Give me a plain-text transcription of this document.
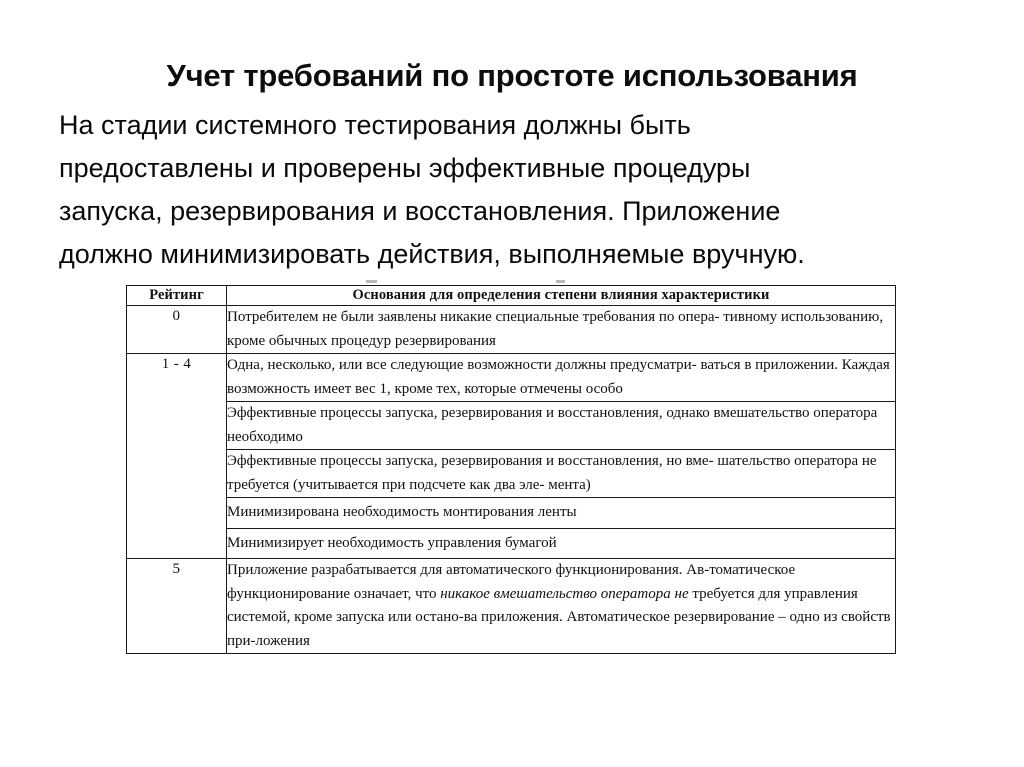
Учет требований по простоте использования
На стадии системного тестирования должны быть
предоставлены и проверены эффективные процедуры
запуска, резервирования и восстановления. Приложение
должно минимизировать действия, выполняемые вручную.
Рейтинг	Основания для определения степени влияния характеристики
0	Потребителем не были заявлены никакие специальные требования по опера- тивному использованию, кроме обычных процедур резервирования
1 - 4	Одна, несколько, или все следующие возможности должны предусматри- ваться в приложении. Каждая возможность имеет вес 1, кроме тех, которые отмечены особо
	Эффективные процессы запуска, резервирования и восстановления, однако вмешательство оператора необходимо
	Эффективные процессы запуска, резервирования и восстановления, но вме- шательство оператора не требуется (учитывается при подсчете как два эле- мента)
	Минимизирована необходимость монтирования ленты
	Минимизирует необходимость управления бумагой
5	Приложение разрабатывается для автоматического функционирования. Ав-томатическое функционирование означает, что никакое вмешательство оператора не требуется для управления системой, кроме запуска или остано-ва приложения. Автоматическое резервирование – одно из свойств при-ложения
